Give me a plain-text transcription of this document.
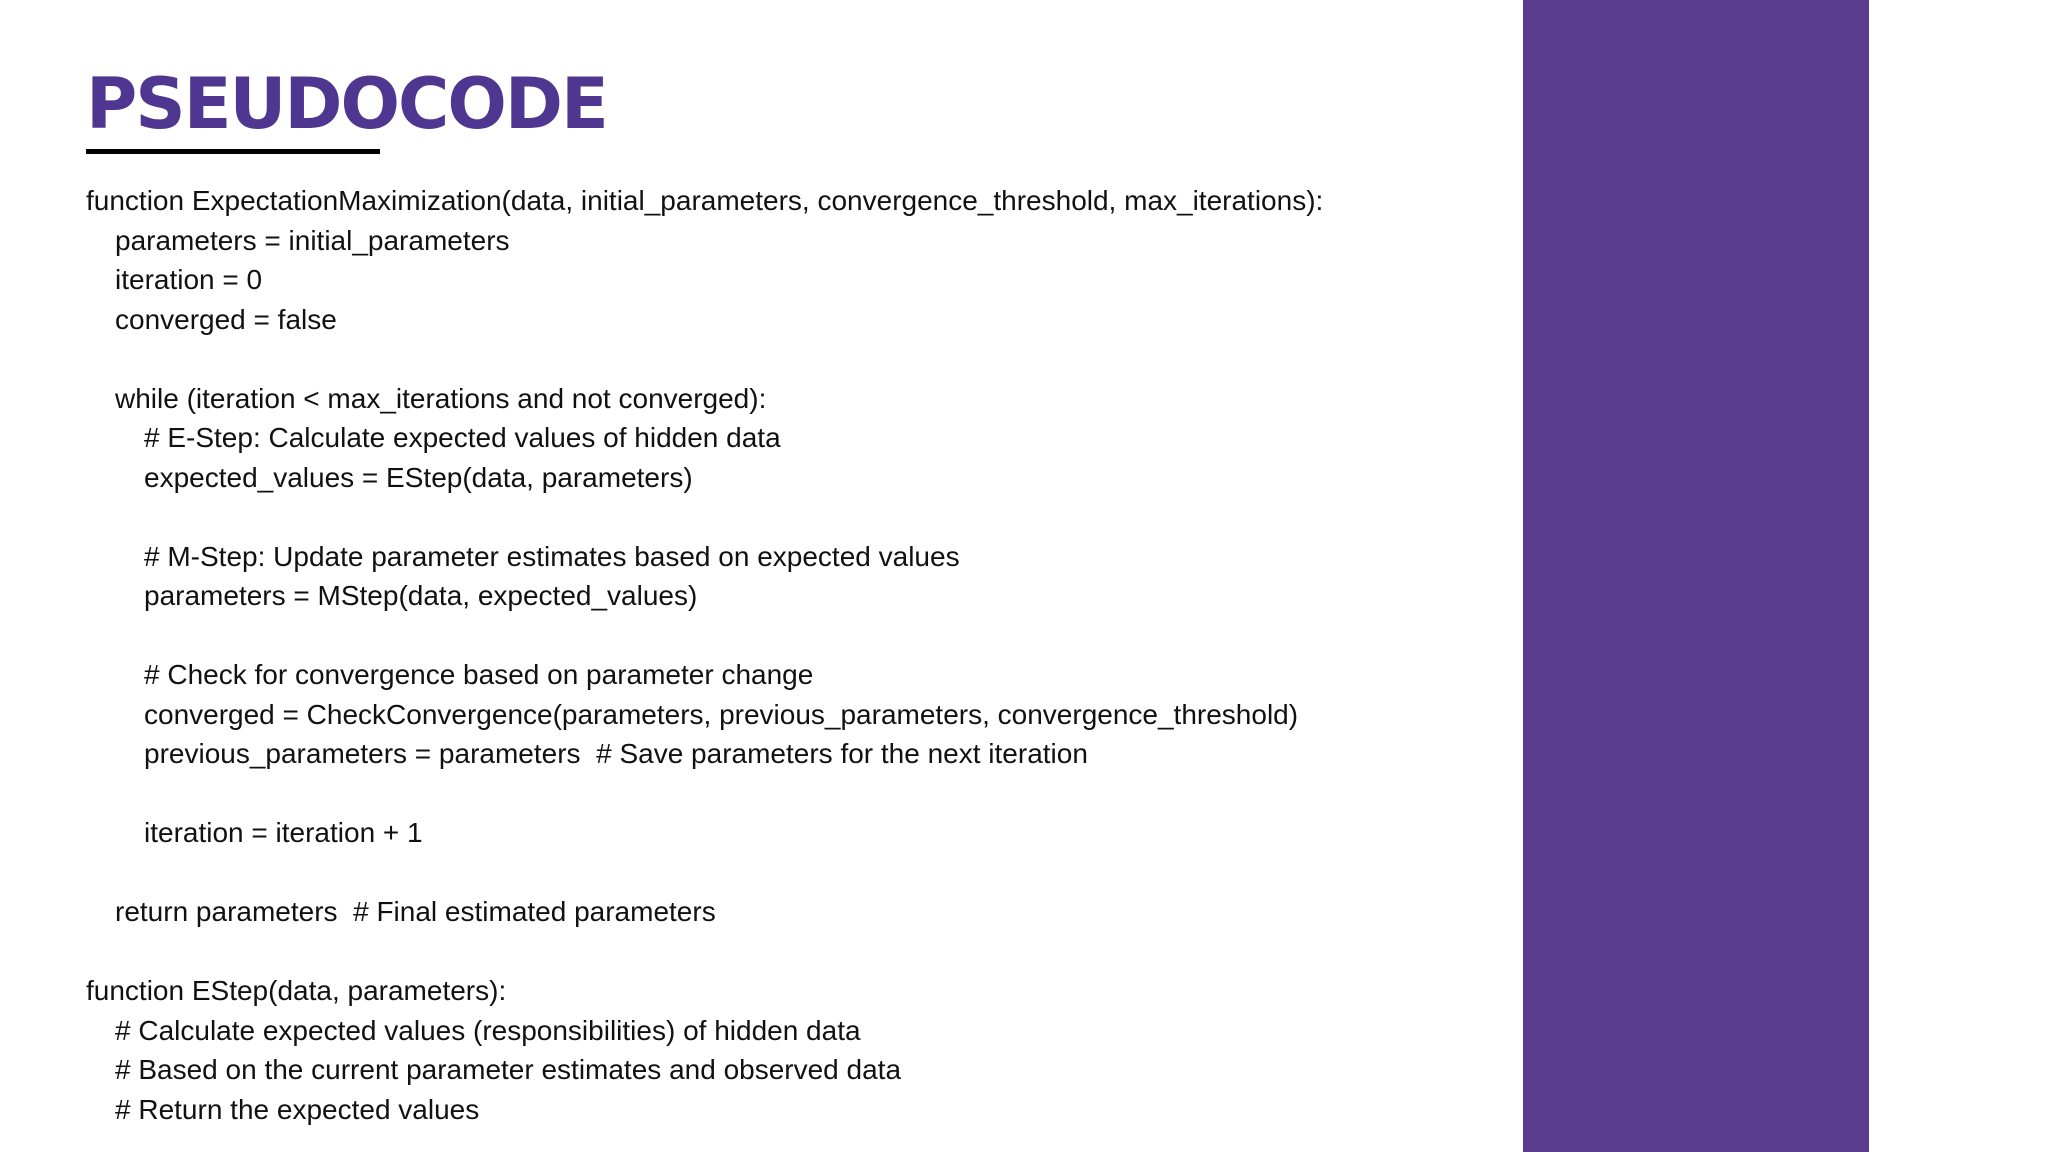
PSEUDOCODE
function ExpectationMaximization(data, initial_parameters, convergence_threshold, max_iterations):
parameters = initial_parameters
iteration = 0
converged = false
while (iteration < max_iterations and not converged):
# E-Step: Calculate expected values of hidden data
expected_values = EStep(data, parameters)
# M-Step: Update parameter estimates based on expected values
parameters = MStep(data, expected_values)
# Check for convergence based on parameter change
converged = CheckConvergence(parameters, previous_parameters, convergence_threshold)
previous_parameters = parameters  # Save parameters for the next iteration
iteration = iteration + 1
return parameters  # Final estimated parameters
function EStep(data, parameters):
# Calculate expected values (responsibilities) of hidden data
# Based on the current parameter estimates and observed data
# Return the expected values
